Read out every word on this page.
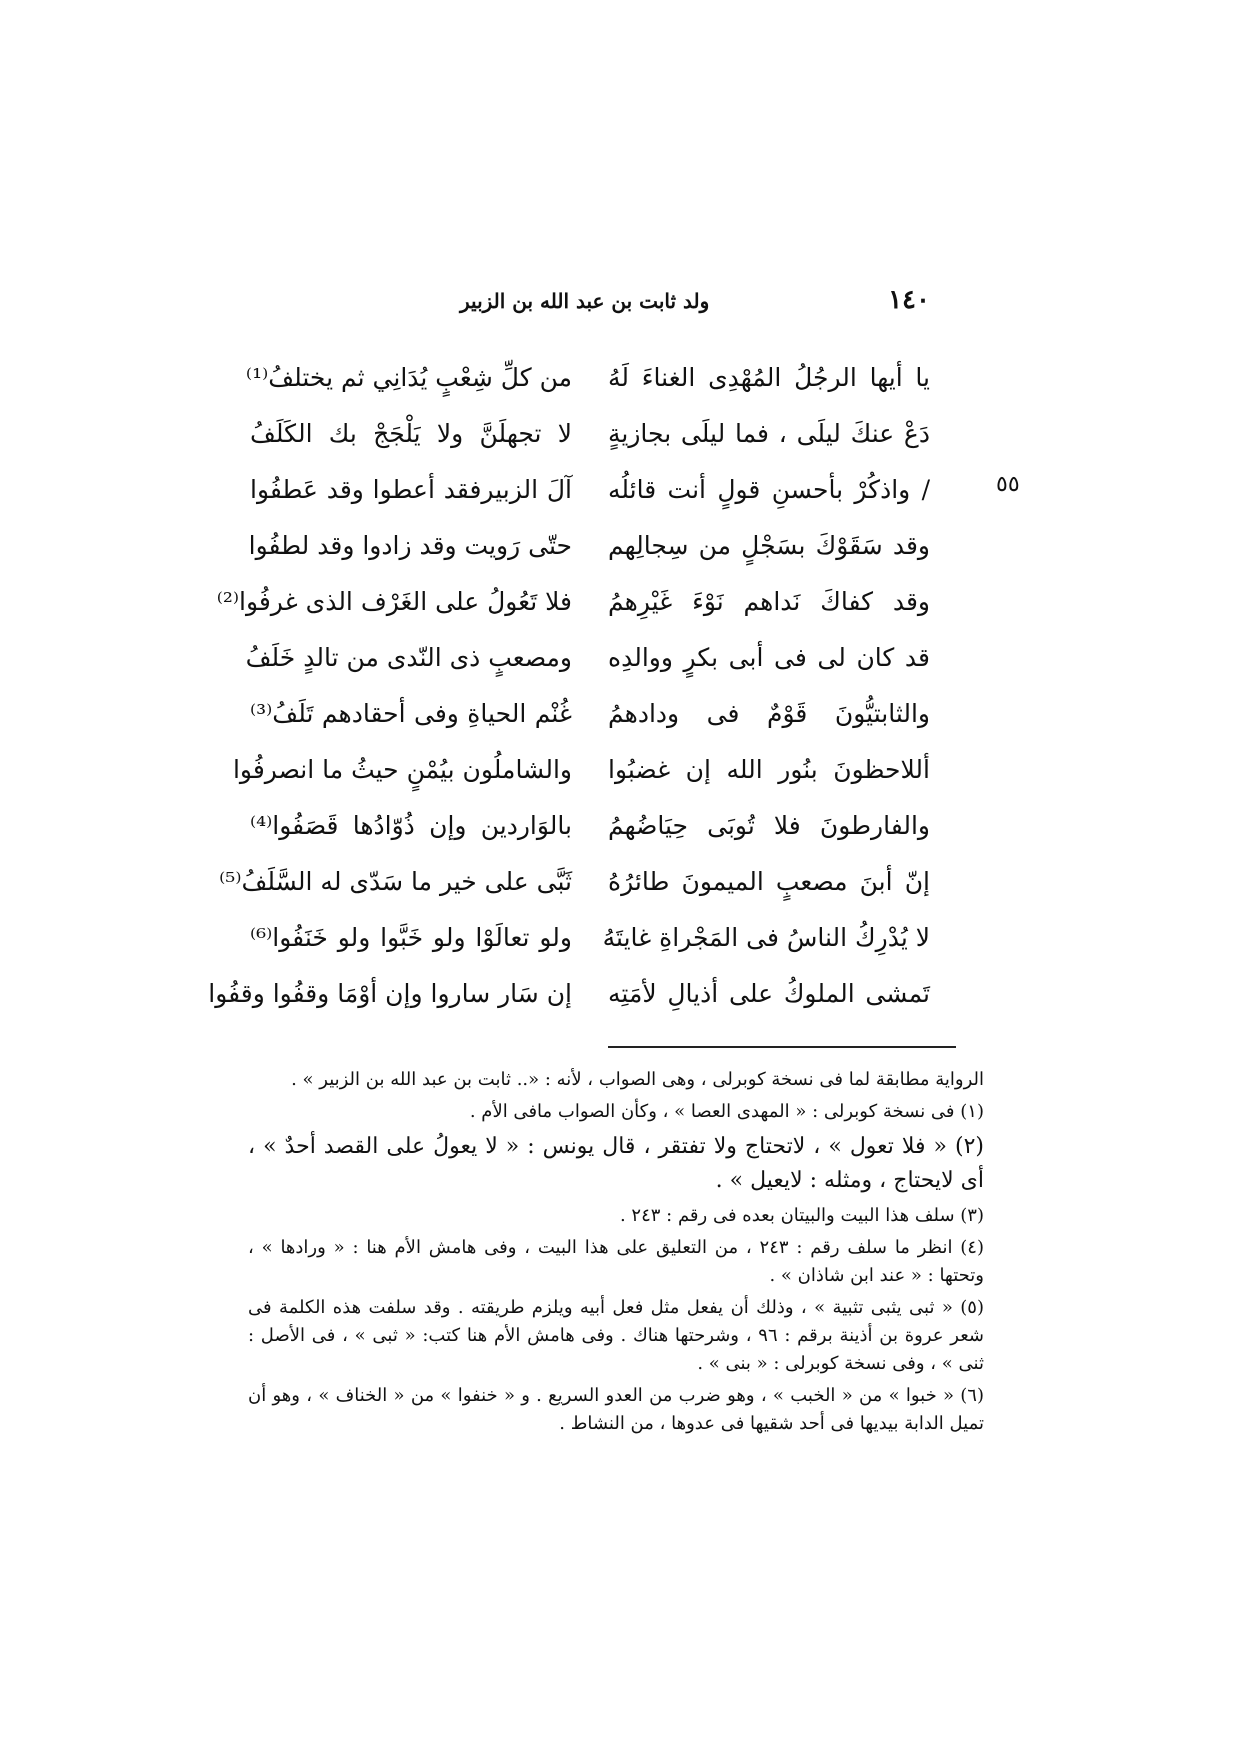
١٤٠
ولد ثابت بن عبد الله بن الزبير
٥٥
يا أيها الرجُلُ المُهْدِى الغناءَ لَهُ
من كلِّ شِعْبٍ يُدَانِي ثم يختلفُ⁽¹⁾
دَعْ عنكَ ليلَى ، فما ليلَى بجازيةٍ
لا تجهلَنَّ ولا يَلْجَجْ بك الكَلَفُ
/ واذكُرْ بأحسنِ قولٍ أنت قائلُه
آلَ الزبيرفقد أعطوا وقد عَطفُوا
وقد سَقَوْكَ بسَجْلٍ من سِجالِهم
حتّى رَويت وقد زادوا وقد لطفُوا
وقد كفاكَ نَداهم نَوْءَ غَيْرِهمُ
فلا تَعُولُ على الغَرْف الذى غرفُوا⁽²⁾
قد كان لى فى أبى بكرٍ ووالدِه
ومصعبٍ ذى النّدى من تالدٍ خَلَفُ
والثابتيُّونَ قَوْمٌ فى ودادهمُ
غُنْم الحياةِ وفى أحقادهم تَلَفُ⁽³⁾
أللاحظونَ بنُور الله إن غضبُوا
والشاملُون بيُمْنٍ حيثُ ما انصرفُوا
والفارطونَ فلا تُوبَى حِيَاضُهمُ
بالوَاردين وإن ذُوّادُها قَصَفُوا⁽⁴⁾
إنّ أبنَ مصعبٍ الميمونَ طائرُهُ
ثَبَّى على خير ما سَدّى له السَّلَفُ⁽⁵⁾
لا يُدْرِكُ الناسُ فى المَجْراةِ غايتَهُ
ولو تعالَوْا ولو خَبَّوا ولو خَنَفُوا⁽⁶⁾
تَمشى الملوكُ على أذيالِ لأمَتِه
إن سَار ساروا وإن أوْمَا وقفُوا وقفُوا

الرواية مطابقة لما فى نسخة كوبرلى ، وهى الصواب ، لأنه : «.. ثابت بن عبد الله بن الزبير » .

(١) فى نسخة كوبرلى : « المهدى العصا » ، وكأن الصواب مافى الأم .

(٢) « فلا تعول » ، لاتحتاج ولا تفتقر ، قال يونس : « لا يعولُ على القصد أحدٌ » ، أى لايحتاج ، ومثله : لايعيل » .

(٣) سلف هذا البيت والبيتان بعده فى رقم : ٢٤٣ .

(٤) انظر ما سلف رقم : ٢٤٣ ، من التعليق على هذا البيت ، وفى هامش الأم هنا : « ورادها » ، وتحتها : « عند ابن شاذان » .

(٥) « ثبى يثبى تثبية » ، وذلك أن يفعل مثل فعل أبيه ويلزم طريقته . وقد سلفت هذه الكلمة فى شعر عروة بن أذينة برقم : ٩٦ ، وشرحتها هناك . وفى هامش الأم هنا كتب: « ثبى » ، فى الأصل : ثنى » ، وفى نسخة كوبرلى : « بنى » .

(٦) « خبوا » من « الخبب » ، وهو ضرب من العدو السريع . و « خنفوا » من « الخناف » ، وهو أن تميل الدابة بيديها فى أحد شقيها فى عدوها ، من النشاط .
